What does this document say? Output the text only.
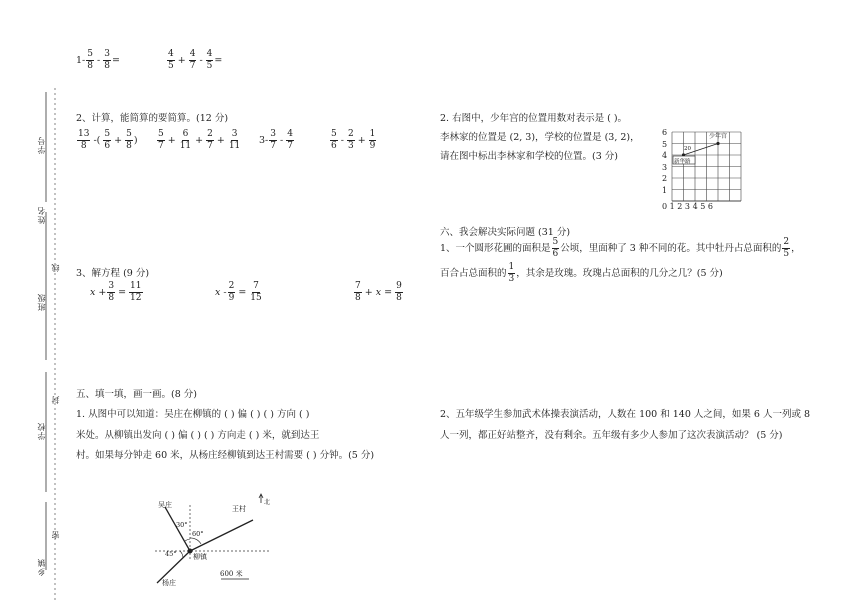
学号
姓名
班级
学校
乡镇
线
封
密
$1- \frac{5}{8} - \frac{3}{8}$ =	$\frac{4}{5} + \frac{4}{7} - \frac{4}{5}$ =
2、计算，能简算的要简算。(12 分)
$\frac{13}{8}$ -( $\frac{5}{6} + \frac{5}{8}$ ) $\frac{5}{7} + \frac{6}{11} + \frac{2}{7} + \frac{3}{11} 3- \frac{3}{7} - \frac{4}{7}$	$\frac{5}{6} - \frac{2}{3} + \frac{1}{9}$
3、解方程 (9 分)
$x + \frac{3}{8} = \frac{11}{12}$	$x - \frac{2}{9} = \frac{7}{15}$	$\frac{7}{8} + x = \frac{9}{8}$
五、填一填，画一画。(8 分)
1. 从图中可以知道：吴庄在柳镇的 ( ) 偏 ( ) ( ) 方向 ( )
米处。从柳镇出发向 ( ) 偏 ( ) ( ) 方向走 ( ) 米，就到达王
村。如果每分钟走 60 米，从杨庄经柳镇到达王村需要 ( ) 分钟。(5 分)
吴庄	王村
北
30°
60°
45° 柳镇
杨庄
600 米
2. 右图中，少年宫的位置用数对表示是 ( )。
李林家的位置是 (2, 3)，学校的位置是 (3, 2)，
请在图中标出李林家和学校的位置。(3 分)
0 1 2 3 4 5 6
6
5
4
3
2
1
少年宫
新华路
20
六、我会解决实际问题 (31 分)
1、一个圆形花圃的面积是 $\frac{5}{6}$ 公顷，里面种了 3 种不同的花。其中牡丹占总面积的 $\frac{2}{5}$ ，
百合占总面积的 $\frac{1}{3}$ ，其余是玫瑰。玫瑰占总面积的几分之几？(5 分)
2、五年级学生参加武术体操表演活动，人数在 100 和 140 人之间，如果 6 人一列或 8
人一列，都正好站整齐，没有剩余。五年级有多少人参加了这次表演活动？ (5 分)
